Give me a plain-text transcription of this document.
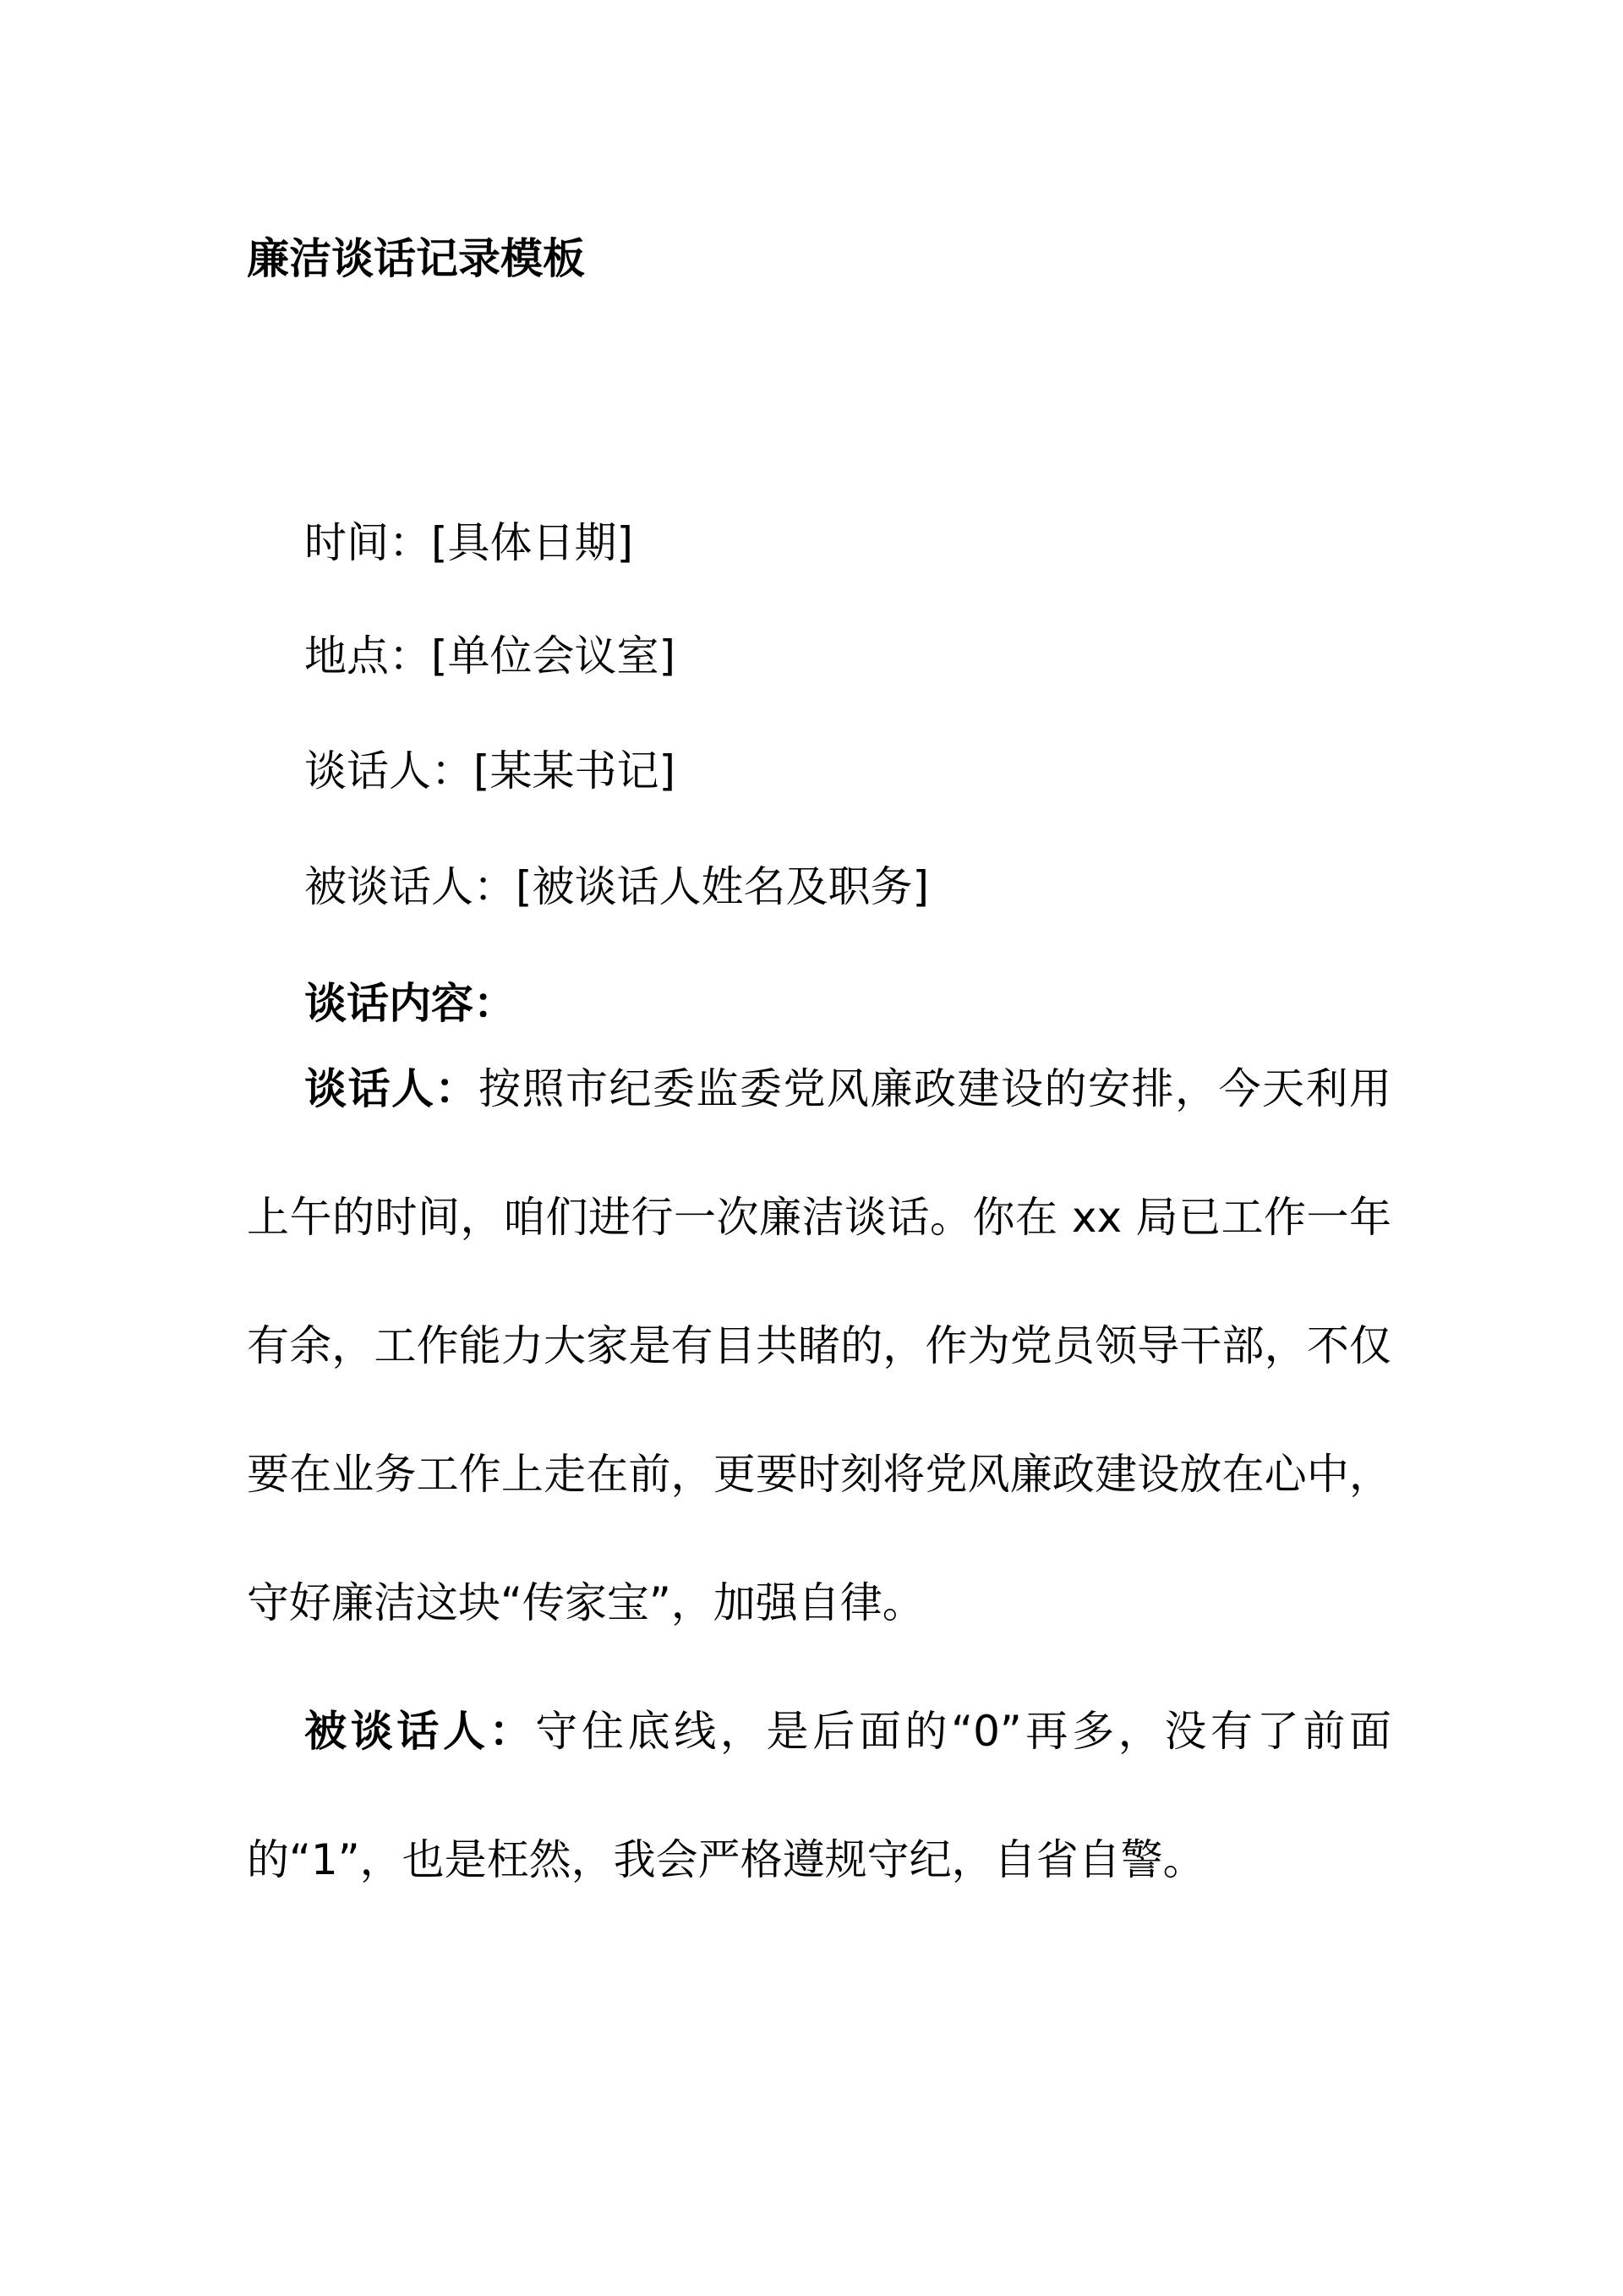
廉洁谈话记录模板
时间：[具体日期]
地点：[单位会议室]
谈话人：[某某书记]
被谈话人：[被谈话人姓名及职务]
谈话内容：

谈话人：按照市纪委监委党风廉政建设的安排，今天利用上午的时间，咱们进行一次廉洁谈话。你在 xx 局已工作一年有余，工作能力大家是有目共睹的，作为党员领导干部，不仅要在业务工作上走在前，更要时刻将党风廉政建设放在心中，守好廉洁这块“传家宝”，加强自律。

被谈话人：守住底线，是后面的“0”再多，没有了前面的“1”，也是枉然，我会严格遵规守纪，自省自警。
